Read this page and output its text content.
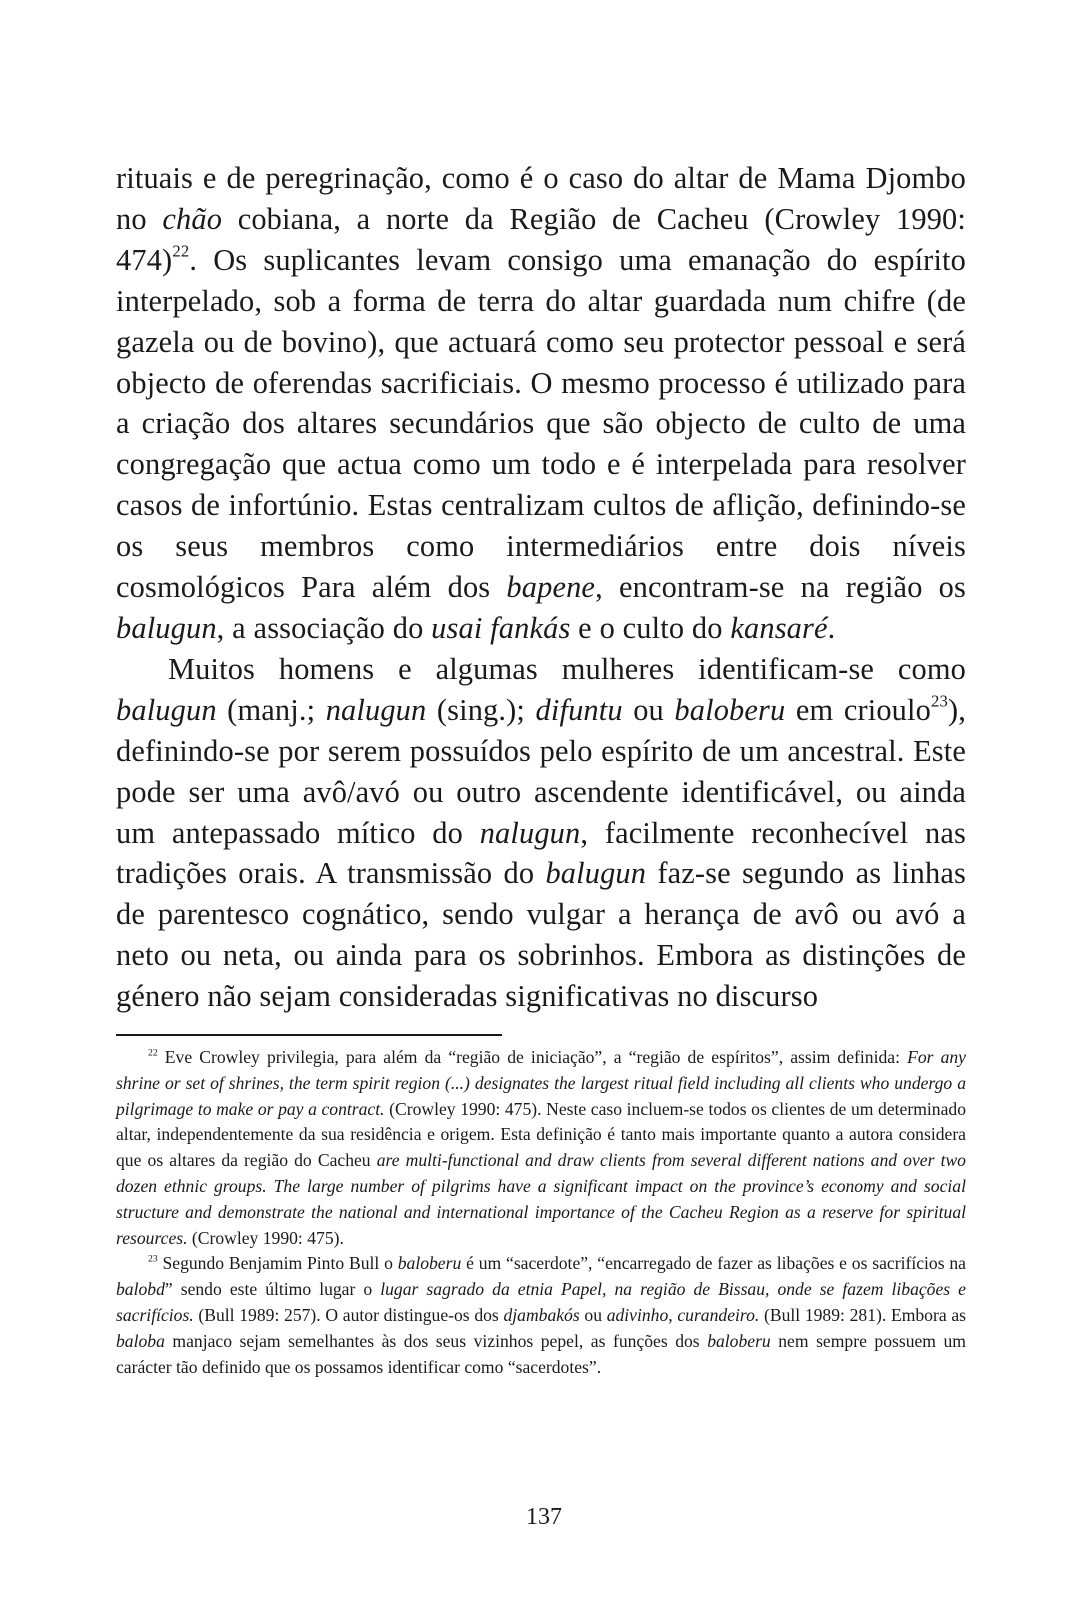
rituais e de peregrinação, como é o caso do altar de Mama Djombo no chão cobiana, a norte da Região de Cacheu (Crowley 1990: 474)$^{22}$. Os suplicantes levam consigo uma emanação do espírito interpelado, sob a forma de terra do altar guardada num chifre (de gazela ou de bovino), que actuará como seu protector pessoal e será objecto de oferendas sacrificiais. O mesmo processo é utilizado para a criação dos altares secundários que são objecto de culto de uma congregação que actua como um todo e é interpelada para resolver casos de infortúnio. Estas centralizam cultos de aflição, definindo-se os seus membros como intermediários entre dois níveis cosmológicos Para além dos bapene, encontram-se na região os balugun, a associação do usai fankás e o culto do kansaré.

Muitos homens e algumas mulheres identificam-se como balugun (manj.; nalugun (sing.); difuntu ou baloberu em crioulo$^{23}$), definindo-se por serem possuídos pelo espírito de um ancestral. Este pode ser uma avô/avó ou outro ascendente identificável, ou ainda um antepassado mítico do nalugun, facilmente reconhecível nas tradições orais. A transmissão do balugun faz-se segundo as linhas de parentesco cognático, sendo vulgar a herança de avô ou avó a neto ou neta, ou ainda para os sobrinhos. Embora as distinções de género não sejam consideradas significativas no discurso

$^{22}$ Eve Crowley privilegia, para além da “região de iniciação”, a “região de espíritos”, assim definida: For any shrine or set of shrines, the term spirit region (...) designates the largest ritual field including all clients who undergo a pilgrimage to make or pay a contract. (Crowley 1990: 475). Neste caso incluem-se todos os clientes de um determinado altar, independentemente da sua residência e origem. Esta definição é tanto mais importante quanto a autora considera que os altares da região do Cacheu are multi-functional and draw clients from several different nations and over two dozen ethnic groups. The large number of pilgrims have a significant impact on the province’s economy and social structure and demonstrate the national and international importance of the Cacheu Region as a reserve for spiritual resources. (Crowley 1990: 475).

$^{23}$ Segundo Benjamim Pinto Bull o baloberu é um “sacerdote”, “encarregado de fazer as libações e os sacrifícios na balobd” sendo este último lugar o lugar sagrado da etnia Papel, na região de Bissau, onde se fazem libações e sacrifícios. (Bull 1989: 257). O autor distingue-os dos djambakós ou adivinho, curandeiro. (Bull 1989: 281). Embora as baloba manjaco sejam semelhantes às dos seus vizinhos pepel, as funções dos baloberu nem sempre possuem um carácter tão definido que os possamos identificar como “sacerdotes”.

137
